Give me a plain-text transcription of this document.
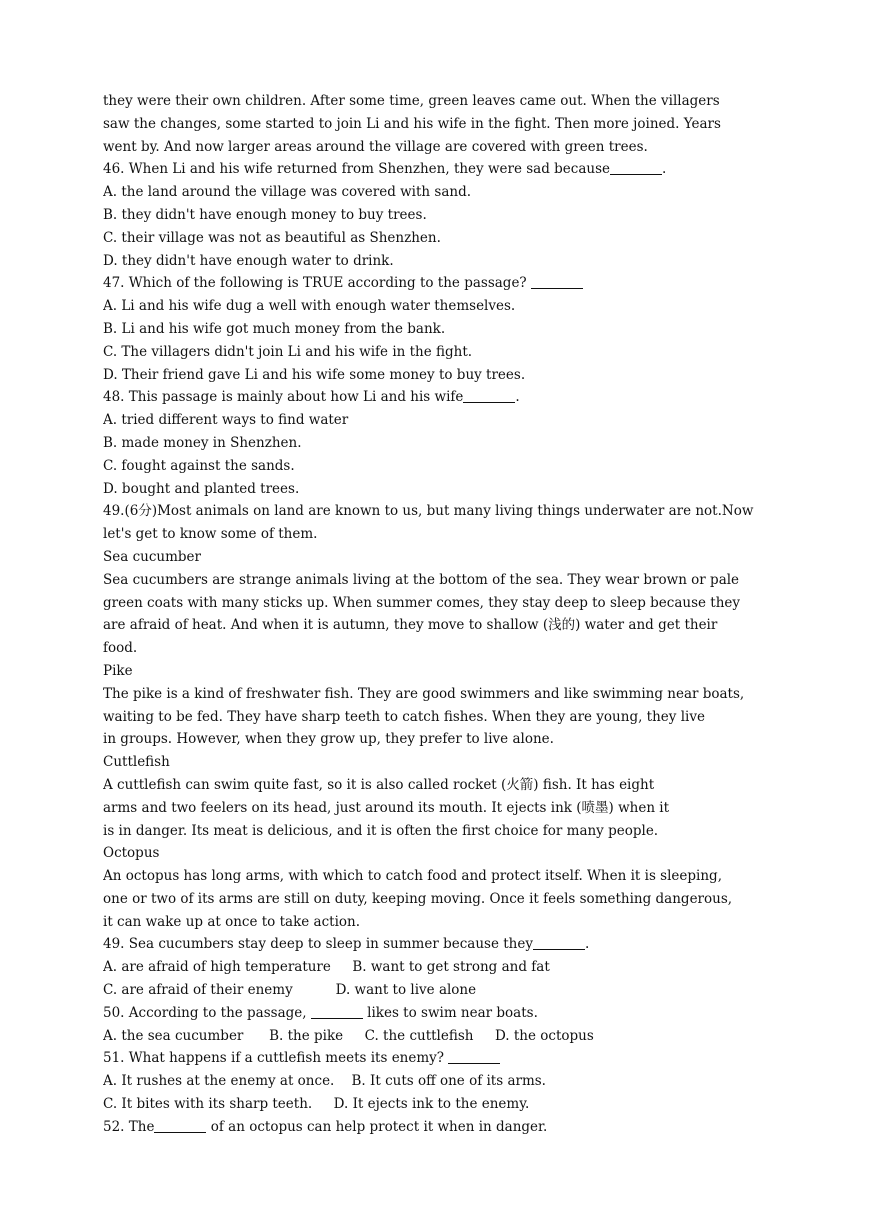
they were their own children. After some time, green leaves came out. When the villagers
saw the changes, some started to join Li and his wife in the fight. Then more joined. Years
went by. And now larger areas around the village are covered with green trees.
46. When Li and his wife returned from Shenzhen, they were sad because	.
A. the land around the village was covered with sand.
B. they didn't have enough money to buy trees.
C. their village was not as beautiful as Shenzhen.
D. they didn't have enough water to drink.
47. Which of the following is TRUE according to the passage?
A. Li and his wife dug a well with enough water themselves.
B. Li and his wife got much money from the bank.
C. The villagers didn't join Li and his wife in the fight.
D. Their friend gave Li and his wife some money to buy trees.
48. This passage is mainly about how Li and his wife	.
A. tried different ways to find water
B. made money in Shenzhen.
C. fought against the sands.
D. bought and planted trees.
49.(6分)Most animals on land are known to us, but many living things underwater are not.Now
let's get to know some of them.
Sea cucumber
Sea cucumbers are strange animals living at the bottom of the sea. They wear brown or pale
green coats with many sticks up. When summer comes, they stay deep to sleep because they
are afraid of heat. And when it is autumn, they move to shallow (浅的) water and get their
food.
Pike
The pike is a kind of freshwater fish. They are good swimmers and like swimming near boats,
waiting to be fed. They have sharp teeth to catch fishes. When they are young, they live
in groups. However, when they grow up, they prefer to live alone.
Cuttlefish
A cuttlefish can swim quite fast, so it is also called rocket (火箭) fish. It has eight
arms and two feelers on its head, just around its mouth. It ejects ink (喷墨) when it
is in danger. Its meat is delicious, and it is often the first choice for many people.
Octopus
An octopus has long arms, with which to catch food and protect itself. When it is sleeping,
one or two of its arms are still on duty, keeping moving. Once it feels something dangerous,
it can wake up at once to take action.
49. Sea cucumbers stay deep to sleep in summer because they	.
A. are afraid of high temperature     B. want to get strong and fat
C. are afraid of their enemy          D. want to live alone
50. According to the passage,	likes to swim near boats.
A. the sea cucumber      B. the pike     C. the cuttlefish     D. the octopus
51. What happens if a cuttlefish meets its enemy?
A. It rushes at the enemy at once.    B. It cuts off one of its arms.
C. It bites with its sharp teeth.     D. It ejects ink to the enemy.
52. The	of an octopus can help protect it when in danger.
